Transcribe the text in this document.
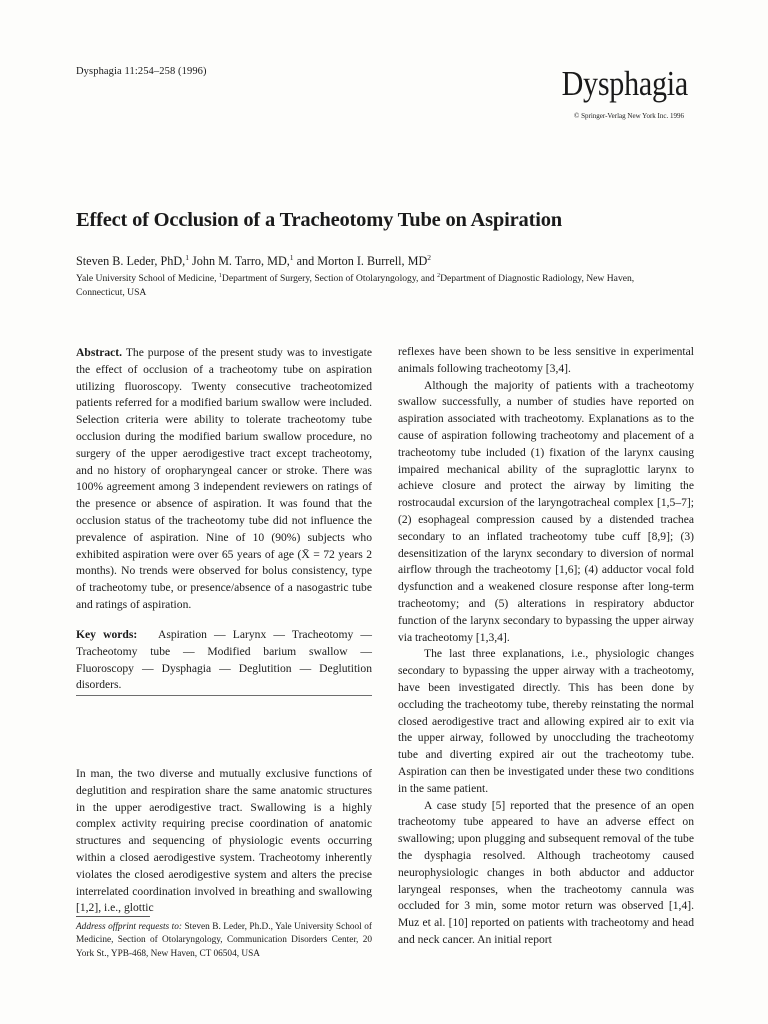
Dysphagia 11:254–258 (1996)	Dysphagia
© Springer-Verlag New York Inc. 1996
Effect of Occlusion of a Tracheotomy Tube on Aspiration
Steven B. Leder, PhD,$^1$ John M. Tarro, MD,$^1$ and Morton I. Burrell, $MD^2$
Yale University School of Medicine, $^1$Department of Surgery, Section of Otolaryngology, and $^2$Department of Diagnostic Radiology, New Haven, Connecticut, USA

Abstract. The purpose of the present study was to investigate the effect of occlusion of a tracheotomy tube on aspiration utilizing fluoroscopy. Twenty consecutive tracheotomized patients referred for a modified barium swallow were included. Selection criteria were ability to tolerate tracheotomy tube occlusion during the modified barium swallow procedure, no surgery of the upper aerodigestive tract except tracheotomy, and no history of oropharyngeal cancer or stroke. There was 100% agreement among 3 independent reviewers on ratings of the presence or absence of aspiration. It was found that the occlusion status of the tracheotomy tube did not influence the prevalence of aspiration. Nine of 10 (90%) subjects who exhibited aspiration were over 65 years of age (X̄ = 72 years 2 months). No trends were observed for bolus consistency, type of tracheotomy tube, or presence/absence of a nasogastric tube and ratings of aspiration.

Key words: Aspiration — Larynx — Tracheotomy — Tracheotomy tube — Modified barium swallow — Fluoroscopy — Dysphagia — Deglutition — Deglutition disorders.

In man, the two diverse and mutually exclusive functions of deglutition and respiration share the same anatomic structures in the upper aerodigestive tract. Swallowing is a highly complex activity requiring precise coordination of anatomic structures and sequencing of physiologic events occurring within a closed aerodigestive system. Tracheotomy inherently violates the closed aerodigestive system and alters the precise interrelated coordination involved in breathing and swallowing [1,2], i.e., glottic

Address offprint requests to: Steven B. Leder, Ph.D., Yale University School of Medicine, Section of Otolaryngology, Communication Disorders Center, 20 York St., YPB-468, New Haven, CT 06504, USA

reflexes have been shown to be less sensitive in experimental animals following tracheotomy [3,4].

Although the majority of patients with a tracheotomy swallow successfully, a number of studies have reported on aspiration associated with tracheotomy. Explanations as to the cause of aspiration following tracheotomy and placement of a tracheotomy tube included (1) fixation of the larynx causing impaired mechanical ability of the supraglottic larynx to achieve closure and protect the airway by limiting the rostrocaudal excursion of the laryngotracheal complex [1,5–7]; (2) esophageal compression caused by a distended trachea secondary to an inflated tracheotomy tube cuff [8,9]; (3) desensitization of the larynx secondary to diversion of normal airflow through the tracheotomy [1,6]; (4) adductor vocal fold dysfunction and a weakened closure response after long-term tracheotomy; and (5) alterations in respiratory abductor function of the larynx secondary to bypassing the upper airway via tracheotomy [1,3,4].

The last three explanations, i.e., physiologic changes secondary to bypassing the upper airway with a tracheotomy, have been investigated directly. This has been done by occluding the tracheotomy tube, thereby reinstating the normal closed aerodigestive tract and allowing expired air to exit via the upper airway, followed by unoccluding the tracheotomy tube and diverting expired air out the tracheotomy tube. Aspiration can then be investigated under these two conditions in the same patient.

A case study [5] reported that the presence of an open tracheotomy tube appeared to have an adverse effect on swallowing; upon plugging and subsequent removal of the tube the dysphagia resolved. Although tracheotomy caused neurophysiologic changes in both abductor and adductor laryngeal responses, when the tracheotomy cannula was occluded for 3 min, some motor return was observed [1,4]. Muz et al. [10] reported on patients with tracheotomy and head and neck cancer. An initial report
